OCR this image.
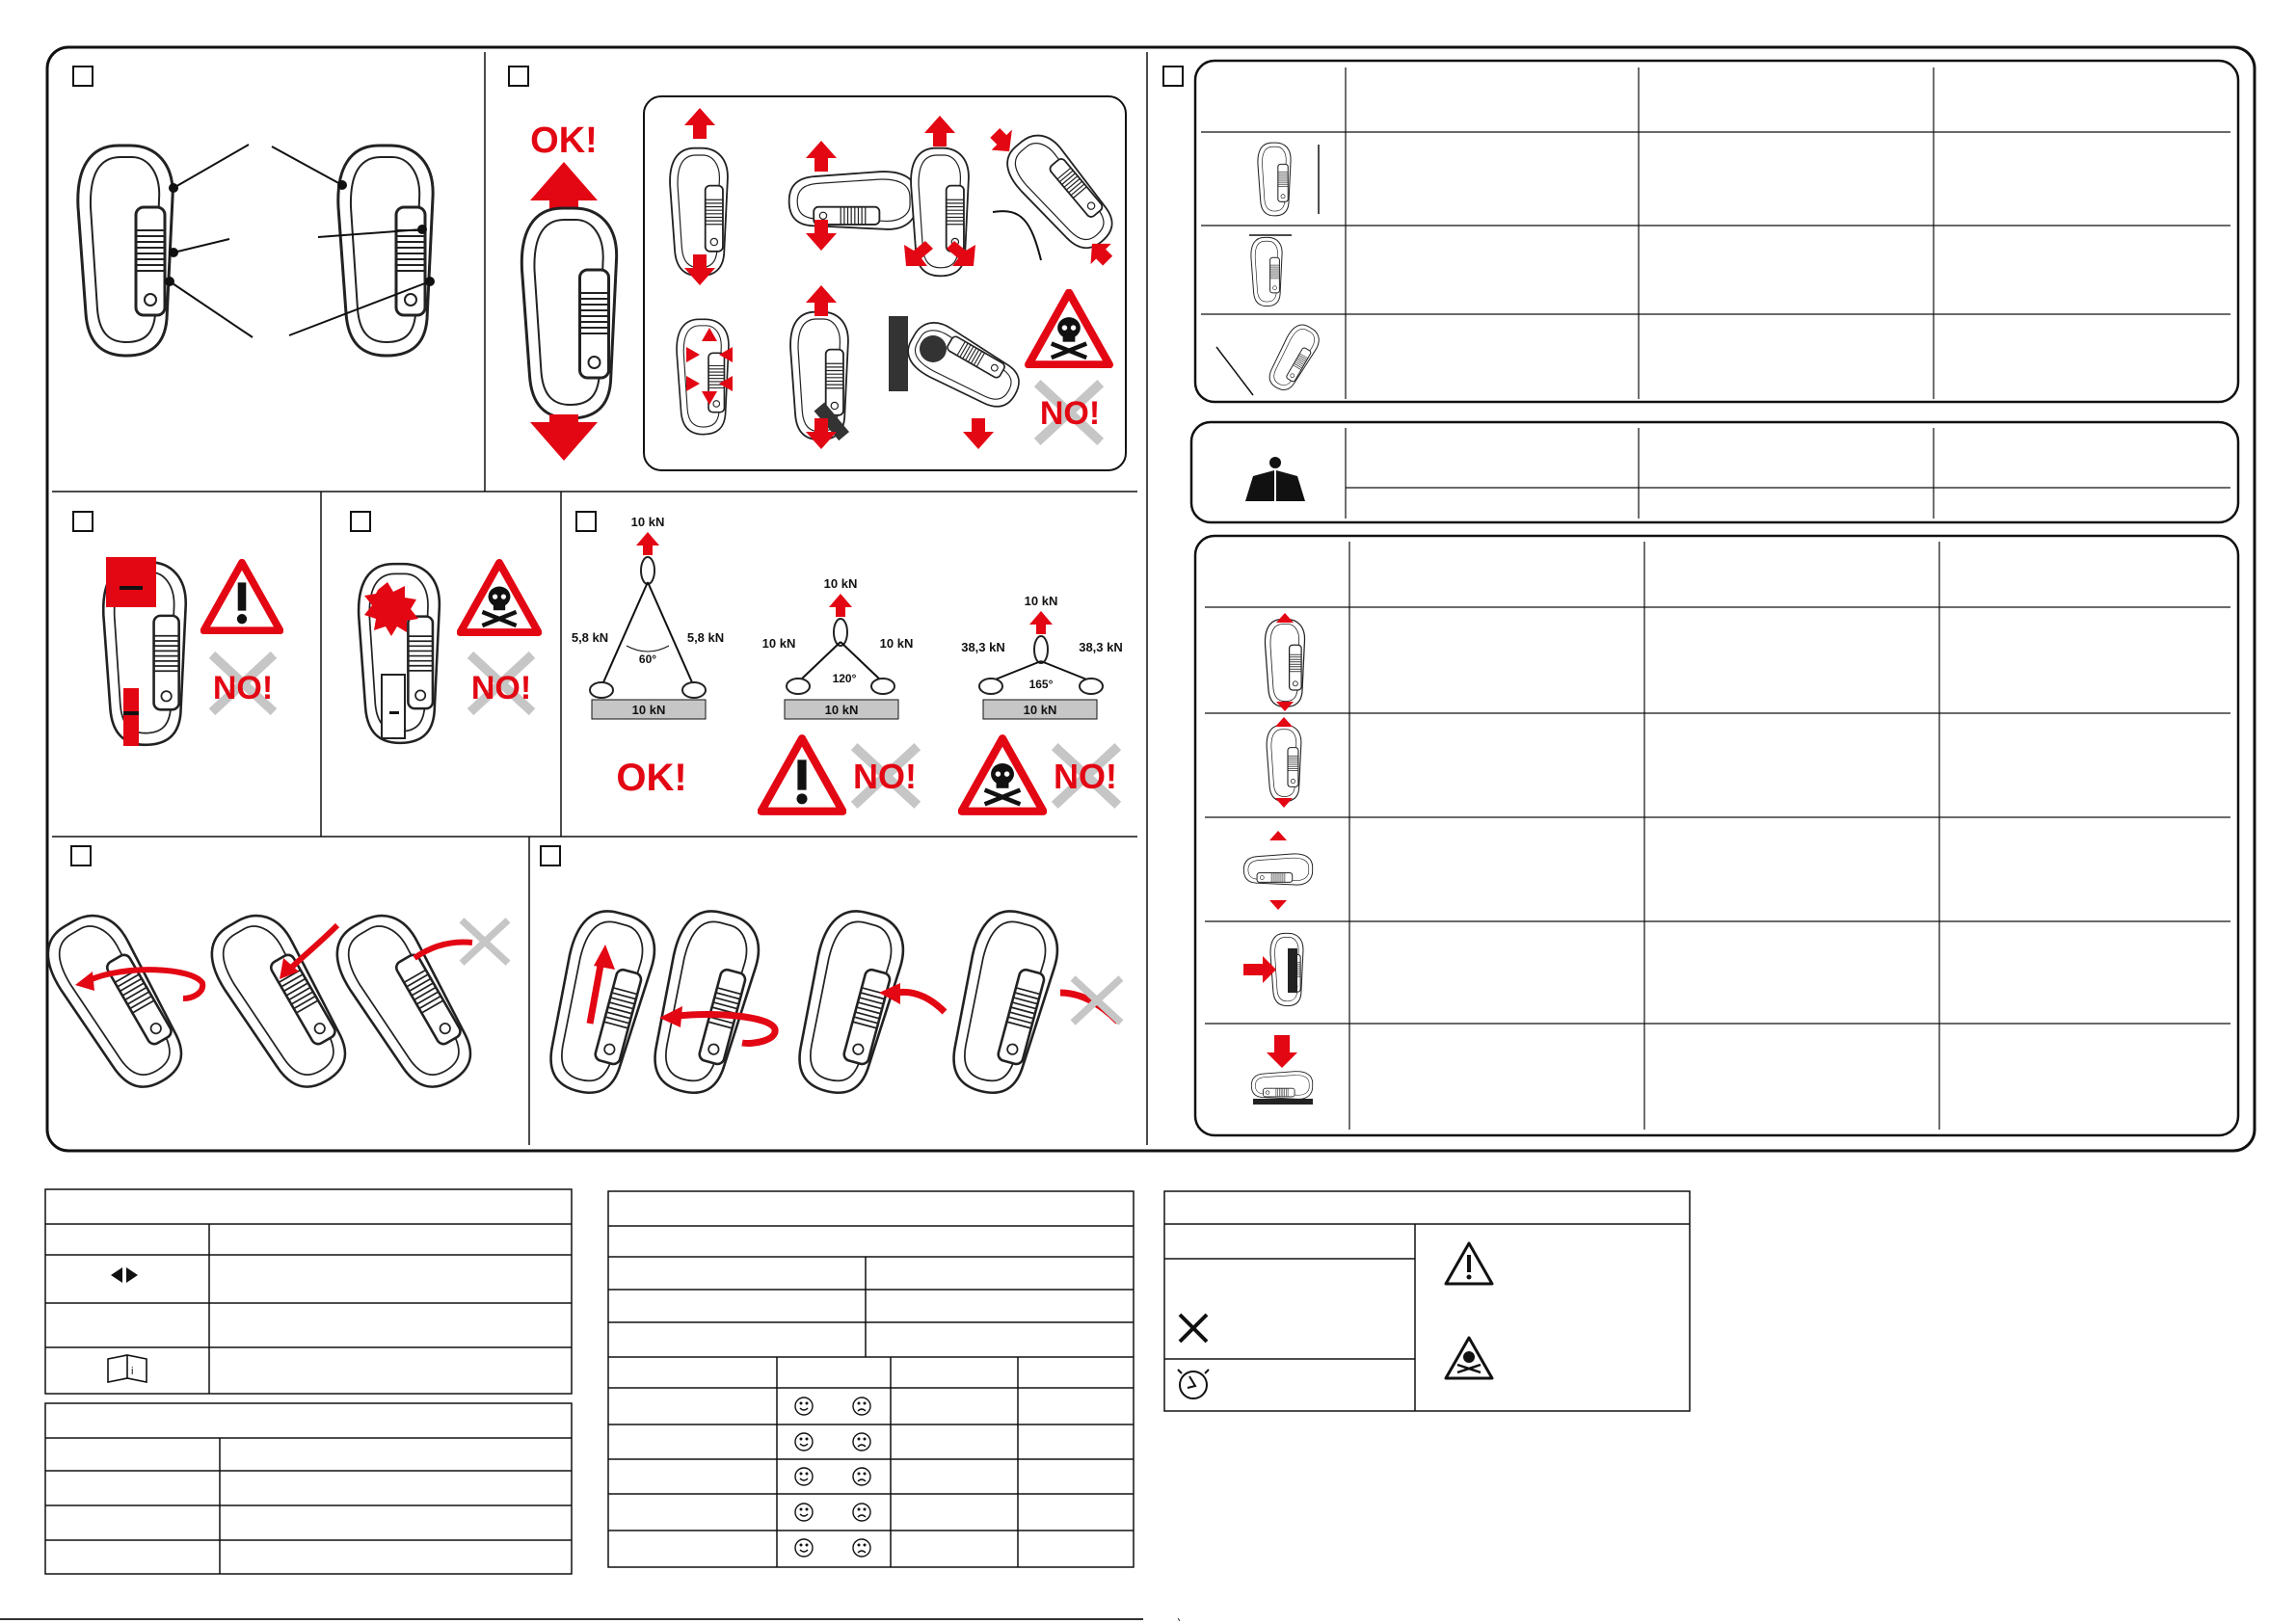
OK!
NO!
NO!	NO!
10 kN
5,8 kN	5,8 kN
60°
10 kN
OK!
10 kN
10 kN	10 kN
120°
10 kN
NO!
10 kN
38,3 kN	38,3 kN
165°
10 kN
NO!
i
